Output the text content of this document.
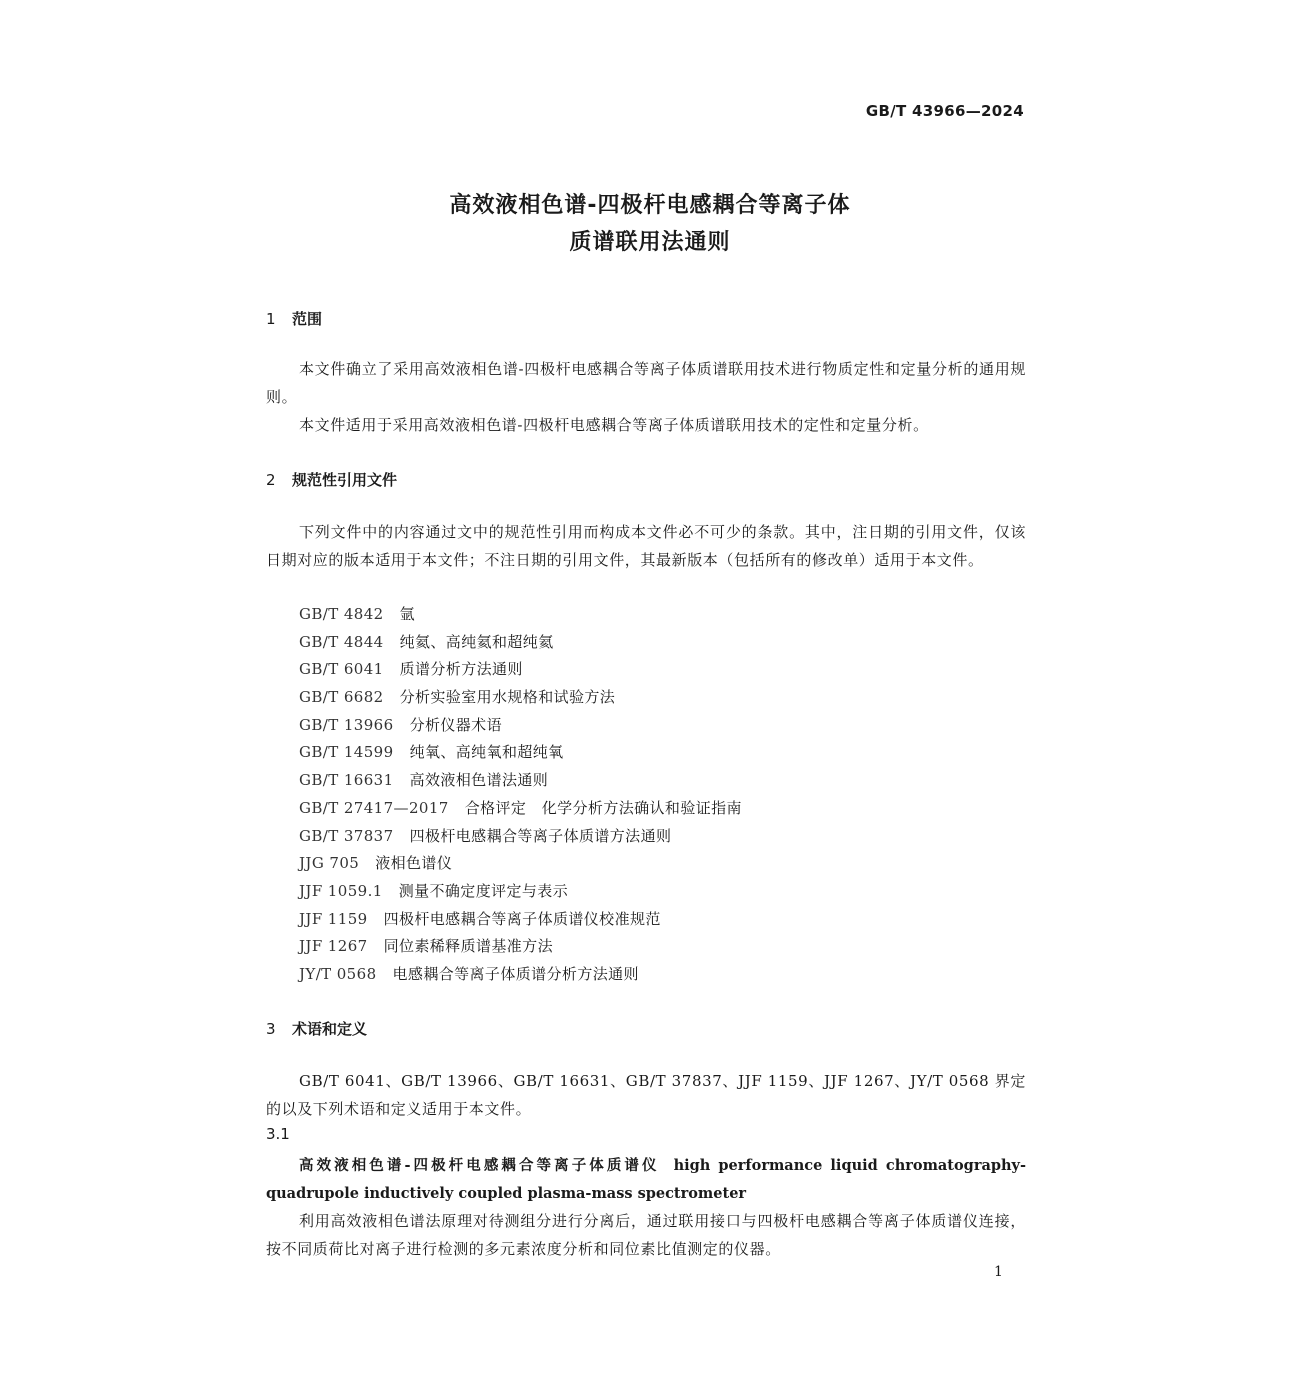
GB/T 43966—2024
高效液相色谱-四极杆电感耦合等离子体
质谱联用法通则
1 范围
本文件确立了采用高效液相色谱-四极杆电感耦合等离子体质谱联用技术进行物质定性和定量分析的通用规则。
本文件适用于采用高效液相色谱-四极杆电感耦合等离子体质谱联用技术的定性和定量分析。
2 规范性引用文件
下列文件中的内容通过文中的规范性引用而构成本文件必不可少的条款。其中，注日期的引用文件，仅该日期对应的版本适用于本文件；不注日期的引用文件，其最新版本（包括所有的修改单）适用于本文件。
GB/T 4842 氩
GB/T 4844 纯氦、高纯氦和超纯氦
GB/T 6041 质谱分析方法通则
GB/T 6682 分析实验室用水规格和试验方法
GB/T 13966 分析仪器术语
GB/T 14599 纯氧、高纯氧和超纯氧
GB/T 16631 高效液相色谱法通则
GB/T 27417—2017 合格评定　化学分析方法确认和验证指南
GB/T 37837 四极杆电感耦合等离子体质谱方法通则
JJG 705 液相色谱仪
JJF 1059.1 测量不确定度评定与表示
JJF 1159 四极杆电感耦合等离子体质谱仪校准规范
JJF 1267 同位素稀释质谱基准方法
JY/T 0568 电感耦合等离子体质谱分析方法通则
3 术语和定义
GB/T 6041、GB/T 13966、GB/T 16631、GB/T 37837、JJF 1159、JJF 1267、JY/T 0568 界定的以及下列术语和定义适用于本文件。
3.1
高效液相色谱-四极杆电感耦合等离子体质谱仪 high performance liquid chromatography-quadrupole inductively coupled plasma-mass spectrometer
利用高效液相色谱法原理对待测组分进行分离后，通过联用接口与四极杆电感耦合等离子体质谱仪连接，按不同质荷比对离子进行检测的多元素浓度分析和同位素比值测定的仪器。
1
